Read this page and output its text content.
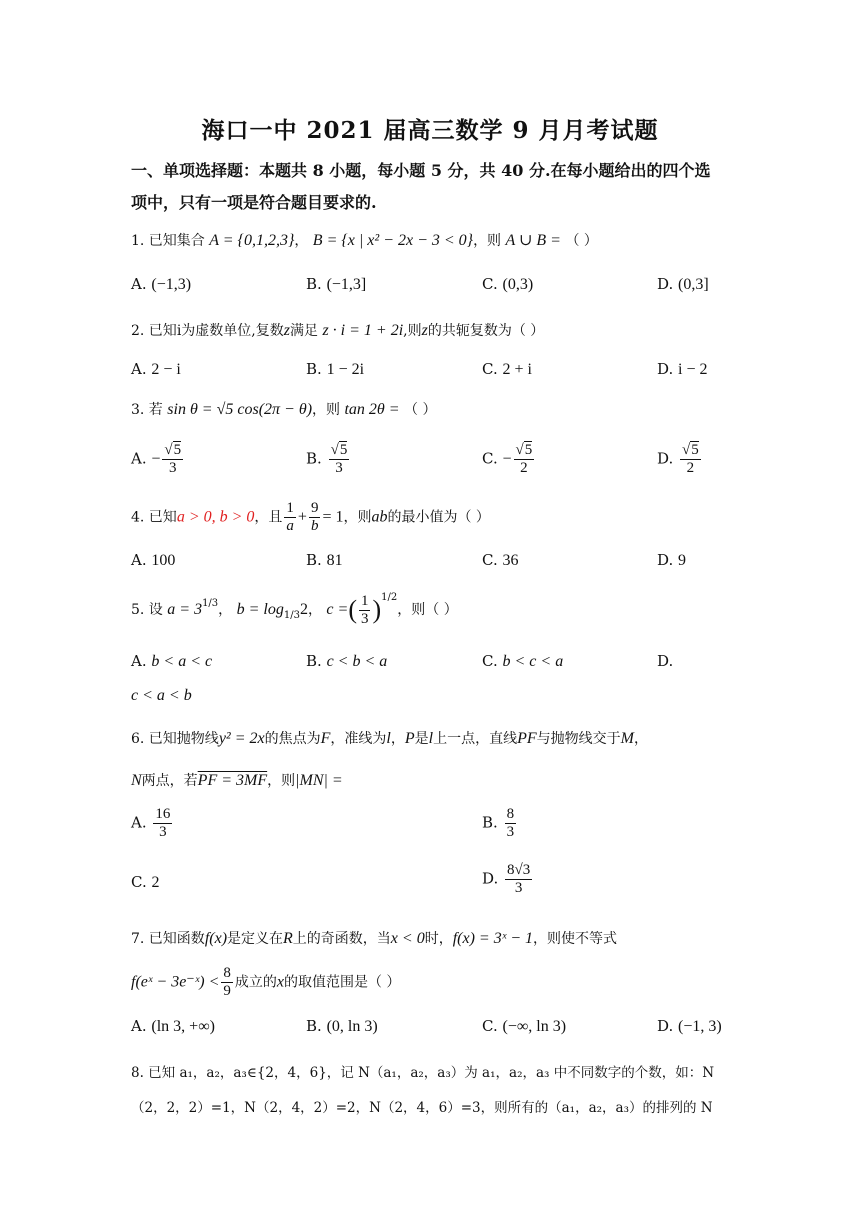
海口一中 2021 届高三数学 9 月月考试题
一、单项选择题：本题共 8 小题，每小题 5 分，共 40 分.在每小题给出的四个选
项中，只有一项是符合题目要求的.
1. 已知集合 A = {0,1,2,3}， B = {x | x² − 2x − 3 < 0}，则 A ∪ B = （ ）
A. (−1,3)	B. (−1,3]	C. (0,3)	D. (0,3]
2. 已知i为虚数单位,复数z满足 z · i = 1 + 2i,则z的共轭复数为（ ）
A. 2 − i	B. 1 − 2i	C. 2 + i	D. i − 2
3. 若 sin θ = √5 cos(2π − θ)，则 tan 2θ = （ ）
A. − $\frac{√5}{3}$	B. $\frac{√5}{3}$	C. − $\frac{√5}{2}$	D. $\frac{√5}{2}$
4. 已知a > 0, b > 0，且 $\frac{1}{a} + \frac{9}{b} = 1$，则ab的最小值为（ ）
A. 100	B. 81	C. 36	D. 9
5. 设 $a = 3^{1/3}$， $b = \log_{1/3}2$， c =( $\frac{1}{3} )^{1/2}$，则（ ）
A. b < a < c	B. c < b < a	C. b < c < a	D.
c < a < b
6. 已知抛物线y² = 2x的焦点为F，准线为l，P是l上一点，直线PF与抛物线交于M，
N两点，若PF = 3MF，则|MN| =
A. $\frac{16}{3}$	B. $\frac{8}{3}$
C. 2	D. $\frac{8√3}{3}$
7. 已知函数f(x)是定义在R上的奇函数，当x < 0时，f(x) = 3ˣ − 1，则使不等式
f(eˣ − 3e⁻ˣ) < $\frac{8}{9}$ 成立的x的取值范围是（ ）
A. (ln 3, +∞)	B. (0, ln 3)	C. (−∞, ln 3)	D. (−1, 3)
8. 已知 a₁，a₂，a₃∈{2，4，6}，记 N（a₁，a₂，a₃）为 a₁，a₂，a₃ 中不同数字的个数，如：N
（2，2，2）=1，N（2，4，2）=2，N（2，4，6）=3，则所有的（a₁，a₂，a₃）的排列的 N
